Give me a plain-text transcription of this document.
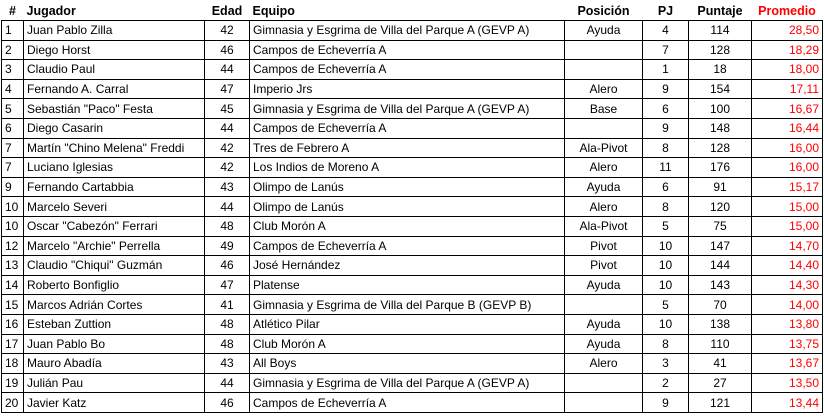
#	Jugador	Edad	Equipo	Posición	PJ	Puntaje	Promedio
1	Juan Pablo Zilla	42	Gimnasia y Esgrima de Villa del Parque A (GEVP A)	Ayuda	4	114	28,50
2	Diego Horst	46	Campos de Echeverría A		7	128	18,29
3	Claudio Paul	44	Campos de Echeverría A		1	18	18,00
4	Fernando A. Carral	47	Imperio Jrs	Alero	9	154	17,11
5	Sebastián "Paco" Festa	45	Gimnasia y Esgrima de Villa del Parque A (GEVP A)	Base	6	100	16,67
6	Diego Casarin	44	Campos de Echeverría A		9	148	16,44
7	Martín "Chino Melena" Freddi	42	Tres de Febrero A	Ala-Pivot	8	128	16,00
7	Luciano Iglesias	42	Los Indios de Moreno A	Alero	11	176	16,00
9	Fernando Cartabbia	43	Olimpo de Lanús	Ayuda	6	91	15,17
10	Marcelo Severi	44	Olimpo de Lanús	Alero	8	120	15,00
10	Oscar "Cabezón" Ferrari	48	Club Morón A	Ala-Pivot	5	75	15,00
12	Marcelo "Archie" Perrella	49	Campos de Echeverría A	Pivot	10	147	14,70
13	Claudio "Chiqui" Guzmán	46	José Hernández	Pivot	10	144	14,40
14	Roberto Bonfiglio	47	Platense	Ayuda	10	143	14,30
15	Marcos Adrián Cortes	41	Gimnasia y Esgrima de Villa del Parque B (GEVP B)		5	70	14,00
16	Esteban Zuttion	48	Atlético Pilar	Ayuda	10	138	13,80
17	Juan Pablo Bo	48	Club Morón A	Ayuda	8	110	13,75
18	Mauro Abadía	43	All Boys	Alero	3	41	13,67
19	Julián Pau	44	Gimnasia y Esgrima de Villa del Parque A (GEVP A)		2	27	13,50
20	Javier Katz	46	Campos de Echeverría A		9	121	13,44
